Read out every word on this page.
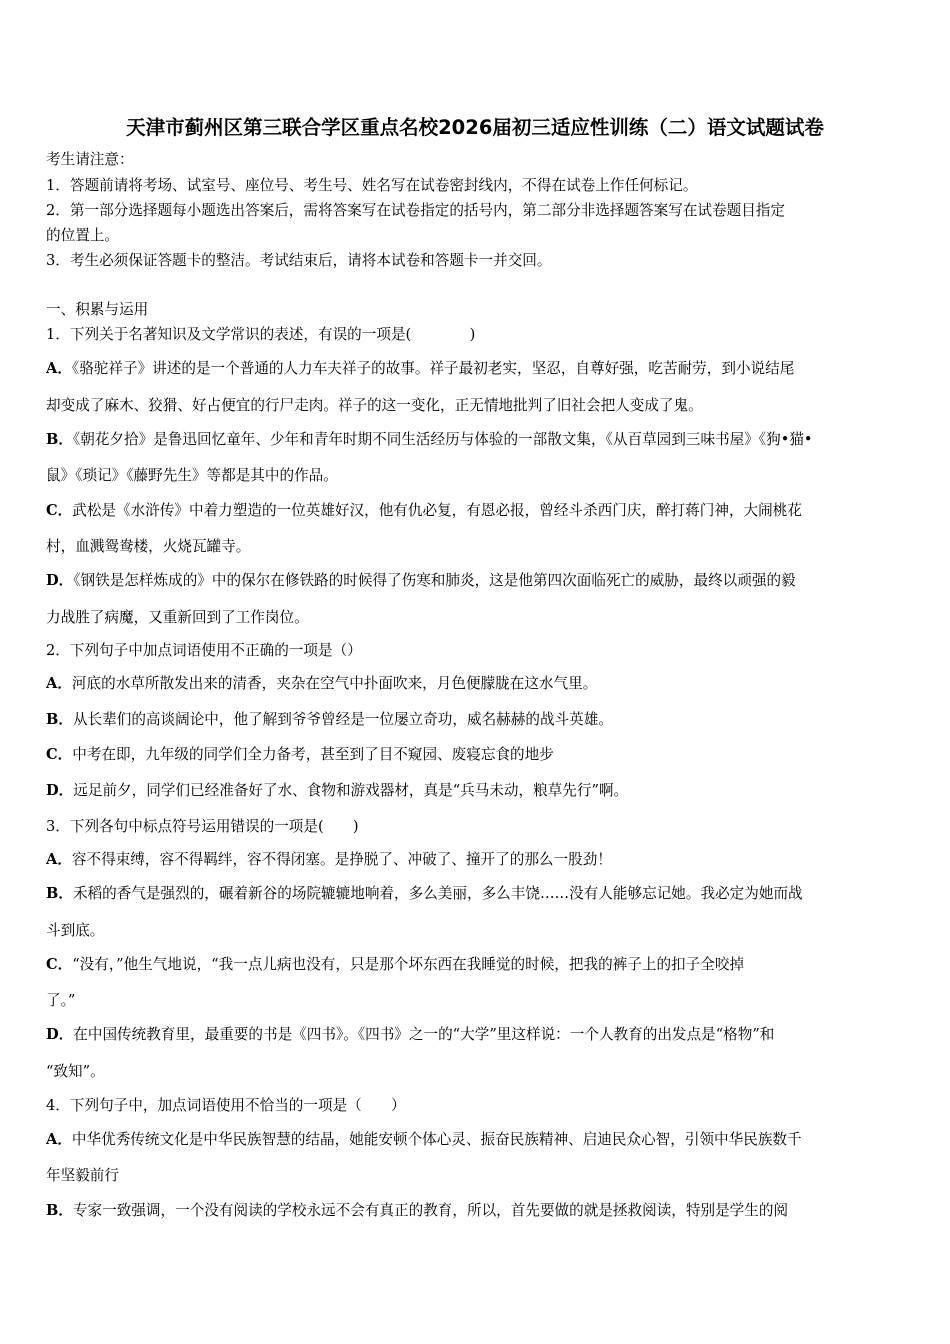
天津市蓟州区第三联合学区重点名校2026届初三适应性训练（二）语文试题试卷
考生请注意：
1．答题前请将考场、试室号、座位号、考生号、姓名写在试卷密封线内，不得在试卷上作任何标记。
2．第一部分选择题每小题选出答案后，需将答案写在试卷指定的括号内，第二部分非选择题答案写在试卷题目指定
的位置上。
3．考生必须保证答题卡的整洁。考试结束后，请将本试卷和答题卡一并交回。
一、积累与运用
1．下列关于名著知识及文学常识的表述，有误的一项是(　　　　)
A．《骆驼祥子》讲述的是一个普通的人力车夫祥子的故事。祥子最初老实，坚忍，自尊好强，吃苦耐劳，到小说结尾
却变成了麻木、狡猾、好占便宜的行尸走肉。祥子的这一变化，正无情地批判了旧社会把人变成了鬼。
B．《朝花夕拾》是鲁迅回忆童年、少年和青年时期不同生活经历与体验的一部散文集，《从百草园到三味书屋》《狗•猫•
鼠》《琐记》《藤野先生》等都是其中的作品。
C．武松是《水浒传》中着力塑造的一位英雄好汉，他有仇必复，有恩必报，曾经斗杀西门庆，醉打蒋门神，大闹桃花
村，血溅鸳鸯楼，火烧瓦罐寺。
D．《钢铁是怎样炼成的》中的保尔在修铁路的时候得了伤寒和肺炎，这是他第四次面临死亡的威胁，最终以顽强的毅
力战胜了病魔，又重新回到了工作岗位。
2．下列句子中加点词语使用不正确的一项是（）
A．河底的水草所散发出来的清香，夹杂在空气中扑面吹来，月色便朦胧在这水气里。
B．从长辈们的高谈阔论中，他了解到爷爷曾经是一位屡立奇功，威名赫赫的战斗英雄。
C．中考在即，九年级的同学们全力备考，甚至到了目不窥园、废寝忘食的地步
D．远足前夕，同学们已经准备好了水、食物和游戏器材，真是“兵马未动，粮草先行”啊。
3．下列各句中标点符号运用错误的一项是(　　)
A．容不得束缚，容不得羁绊，容不得闭塞。是挣脱了、冲破了、撞开了的那么一股劲！
B．禾稻的香气是强烈的，碾着新谷的场院辘辘地响着，多么美丽，多么丰饶……没有人能够忘记她。我必定为她而战
斗到底。
C．“没有，”他生气地说，“我一点儿病也没有，只是那个坏东西在我睡觉的时候，把我的裤子上的扣子全咬掉
了。”
D．在中国传统教育里，最重要的书是《四书》。《四书》之一的“大学”里这样说：一个人教育的出发点是“格物”和
“致知”。
4．下列句子中，加点词语使用不恰当的一项是（　　）
A．中华优秀传统文化是中华民族智慧的结晶，她能安顿个体心灵、振奋民族精神、启迪民众心智，引领中华民族数千
年坚毅前行
B．专家一致强调，一个没有阅读的学校永远不会有真正的教育，所以，首先要做的就是拯救阅读，特别是学生的阅
